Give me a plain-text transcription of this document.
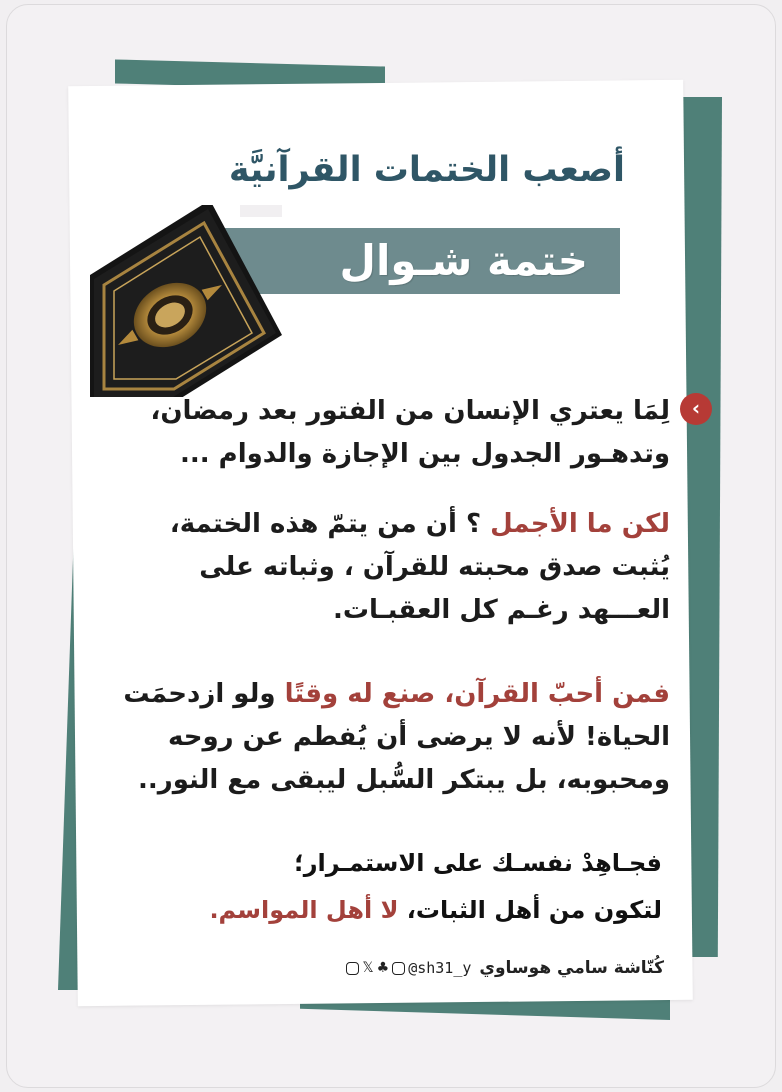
أصعب الختمات القرآنيَّة
ختمة شـوال
‹
لِمَا يعتري الإنسان من الفتور بعد رمضان،
وتدهـور الجدول بين الإجازة والدوام ...
لكن ما الأجمل ؟ أن من يتمّ هذه الختمة،
يُثبت صدق محبته للقرآن ، وثباته على
العـــهد رغـم كل العقبـات.
فمن أحبّ القرآن، صنع له وقتًا ولو ازدحمَت
الحياة! لأنه لا يرضى أن يُفطم عن روحه
ومحبوبه، بل يبتكر السُّبل ليبقى مع النور..
فجـاهِدْ نفسـك على الاستمـرار؛
لتكون من أهل الثبات، لا أهل المواسم.
كُنّاشة سامي هوساوي
𝕏 ♣ @sh31_y
